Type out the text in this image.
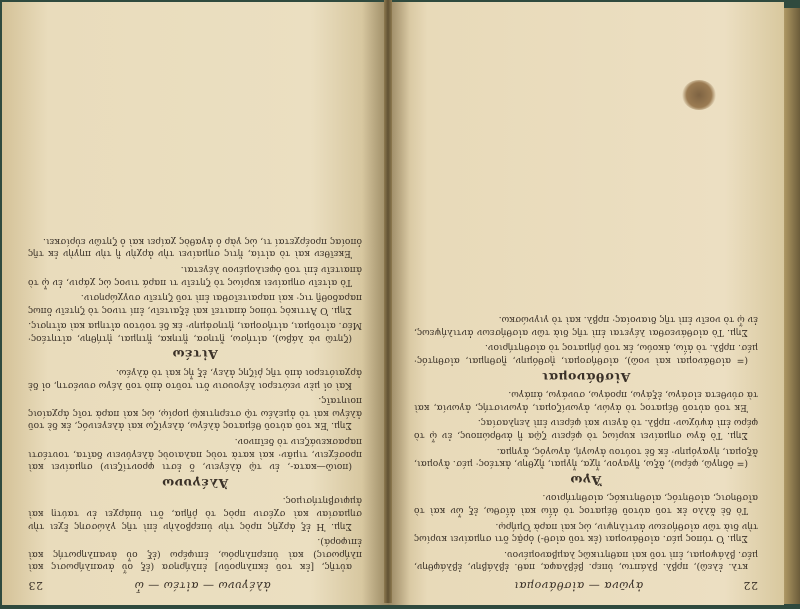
ἀλέγυνω — αἰτέω — ὦ
23

αὐτῆς, [ἐκ τοῦ ἐκπληροῦν] ἐπλήρησα (ἐξ οὗ ἀναπλήρωσις καὶ πλήρωσις) καὶ ὑπερπληρόω, ἐπιφέρω (ἐξ οὗ ἀναπληρωτής καὶ ἐπιφορά).

Σημ. Ἡ ἐξ ἀρχῆς πρὸς τὴν ὑπερβολὴν ἐπὶ τῆς γλώσσης ἔχει τὴν σημασίαν καὶ σχέσιν πρὸς τὸ ῥῆμα, ὅτι ὑπάρχει ἐν ταύτῃ καὶ ἀμφισβητήσιμος.

Ἀλέγυνω

(ποιῶ—κατα-, ἐν τῷ ἀλέγειν, ὅ ἐστι φροντίζειν) σημαίνει καὶ προσέχειν, τιμᾶν· καὶ κατὰ τοὺς παλαιοὺς ἀλεγύνειν δαῖτα, τουτέστι παρασκευάζειν τὸ δεῖπνον.

Σημ. Ἐκ τοῦ αὐτοῦ θέματος ἀλέγω, ἀλεγίζω καὶ ἀλεγεινός, ἐκ δὲ τοῦ ἀλέγω καὶ τὸ ἀμελέω τῷ στερητικῷ μορίῳ, ὡς καὶ παρὰ τοῖς ἀρχαίοις ποιηταῖς.

Καὶ οἱ μὲν νεώτεροι λέγουσιν ὅτι τοῦτο ἀπὸ τοῦ λέγω συνέστη, οἱ δὲ ἀρχαιότεροι ἀπὸ τῆς ῥίζης ἀλεγ, ἐξ ἧς καὶ τὸ ἀλγέω.

Αἰτέω

(ζητῶ νὰ λάβω), αἰτήσω, ᾔτησα, ᾔτηκα, ᾔτημαι, ᾐτήθην, αἰτητέος· Μέσ. αἰτοῦμαι, αἰτήσομαι, ᾐτησάμην· ἐκ δὲ τούτου αἴτημα καὶ αἴτησις.

Σημ. Ὁ Ἀττικὸς τύπος ἀπαιτεῖ καὶ ἐξαιτεῖν, ἐπί τινος τὸ ζητεῖν ὅπως παραδοθῇ τις· καὶ παραιτεῖσθαι ἐπὶ τοῦ ζητεῖν συγχώρησιν.

Τὸ αἰτεῖν σημαίνει κυρίως τὸ ζητεῖν τι παρά τινος ὡς χάριν, ἐν ᾧ τὸ ἀπαιτεῖν ἐπὶ τοῦ ὀφειλομένου λέγεται.

Ἐκεῖθεν καὶ τὸ αἰτία, ἥτις σημαίνει τὴν ἀρχὴν ἢ τὴν πηγὴν ἐκ τῆς ὁποίας προέρχεταί τι, ὡς γὰρ ὁ ἀγαθὸς χαίρει καὶ ὁ ζητῶν εὑρίσκει.

22
ἀγῶνα — αἰσθάνομαι

κτλ. ἐλεῶ), πρβλ. βλάπτω, ὑπερ. βέβλαφα, παθ. ἐβλάβην, ἐβλάφθην, μέσ. βλάψομαι, ἐπὶ τοῦ καὶ παθητικῶς λαμβανομένου.

Σημ. Ὁ τύπος μέσ. αἰσθάνομαι (ἐκ τοῦ αἰσθ-) ὁρᾷς ὅτι σημαίνει κυρίως τὴν διὰ τῶν αἰσθήσεων ἀντίληψιν, ὡς καὶ παρὰ Ὁμήρῳ.

Τὸ δὲ ἄλλο ἐκ τοῦ αὐτοῦ θέματος τὸ ἀΐω καὶ ἀΐσθω, ἐξ ὧν καὶ τὸ αἴσθησις, αἰσθητός, αἰσθητικός, αἰσθητήριον.

Ἄγω

(= ὁδηγῶ, φέρω), ἄξω, ἤγαγον, ἦχα, ἦγμαι, ἤχθην, ἀκτέος· μέσ. ἄγομαι, ἄξομαι, ἠγαγόμην· ἐκ δὲ τούτου ἀγωγή, ἀγωγός, ἄγημα.

Σημ. Τὸ ἄγω σημαίνει κυρίως τὸ φέρειν ζῷα ἢ ἀνθρώπους, ἐν ᾧ τὸ φέρω ἐπὶ ἀψύχων· πρβλ. τὸ ἄγειν καὶ φέρειν ἐπὶ λεηλασίας.

Ἐκ τοῦ αὐτοῦ θέματος τὸ ἀγών, ἀγωνίζομαι, ἀγωνιστής, ἀγωνία, καὶ τὰ σύνθετα εἰσάγω, ἐξάγω, προάγω, συνάγω, ἀπάγω.

Αἰσθάνομαι

(= αἰσθάνομαι καὶ νοῶ), αἰσθήσομαι, ᾐσθόμην, ᾔσθημαι, αἰσθητός· μέσ. πρβλ. τὸ ἀΐω, ἀκούω, ἐκ τοῦ ῥήματος τὸ αἰσθητήριον.

Σημ. Τὸ αἰσθάνεσθαι λέγεται ἐπὶ τῆς διὰ τῶν αἰσθήσεων ἀντιλήψεως, ἐν ᾧ τὸ νοεῖν ἐπὶ τῆς διανοίας· πρβλ. καὶ τὸ γιγνώσκω.
